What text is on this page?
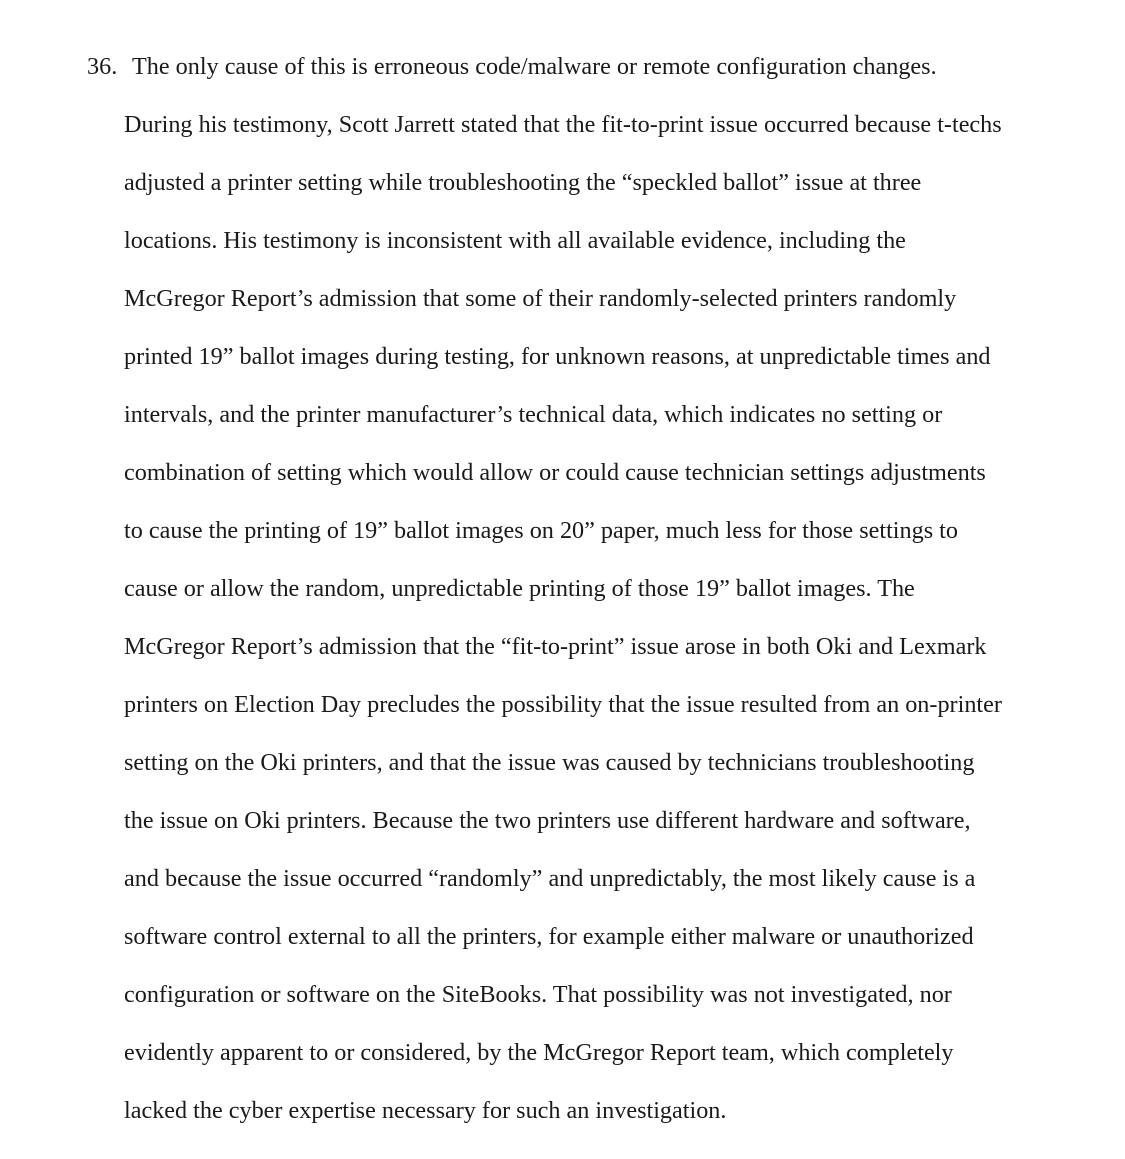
36. The only cause of this is erroneous code/malware or remote configuration changes.
During his testimony, Scott Jarrett stated that the fit-to-print issue occurred because t-techs
adjusted a printer setting while troubleshooting the “speckled ballot” issue at three
locations. His testimony is inconsistent with all available evidence, including the
McGregor Report’s admission that some of their randomly-selected printers randomly
printed 19” ballot images during testing, for unknown reasons, at unpredictable times and
intervals, and the printer manufacturer’s technical data, which indicates no setting or
combination of setting which would allow or could cause technician settings adjustments
to cause the printing of 19” ballot images on 20” paper, much less for those settings to
cause or allow the random, unpredictable printing of those 19” ballot images. The
McGregor Report’s admission that the “fit-to-print” issue arose in both Oki and Lexmark
printers on Election Day precludes the possibility that the issue resulted from an on-printer
setting on the Oki printers, and that the issue was caused by technicians troubleshooting
the issue on Oki printers. Because the two printers use different hardware and software,
and because the issue occurred “randomly” and unpredictably, the most likely cause is a
software control external to all the printers, for example either malware or unauthorized
configuration or software on the SiteBooks. That possibility was not investigated, nor
evidently apparent to or considered, by the McGregor Report team, which completely
lacked the cyber expertise necessary for such an investigation.
